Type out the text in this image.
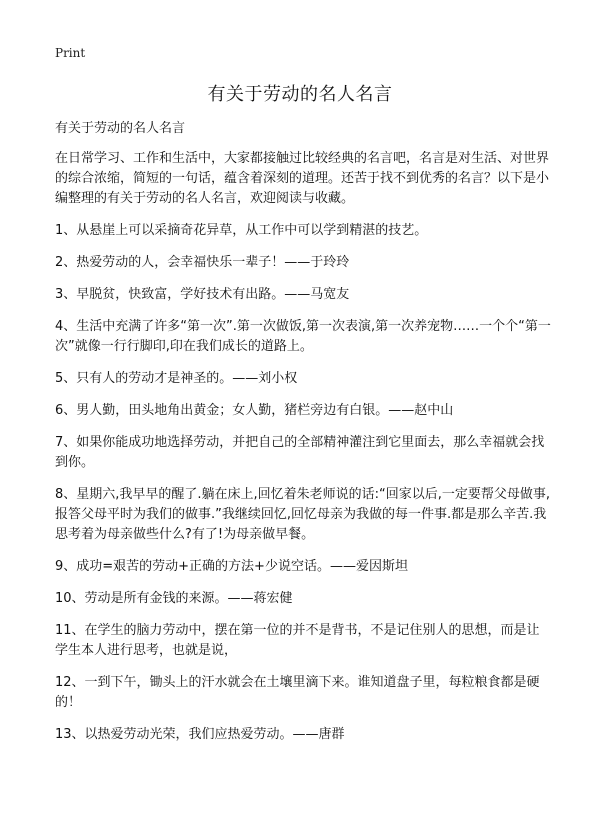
Print
有关于劳动的名人名言

有关于劳动的名人名言

在日常学习、工作和生活中，大家都接触过比较经典的名言吧，名言是对生活、对世界的综合浓缩，简短的一句话，蕴含着深刻的道理。还苦于找不到优秀的名言？以下是小编整理的有关于劳动的名人名言，欢迎阅读与收藏。

1、从悬崖上可以采摘奇花异草，从工作中可以学到精湛的技艺。
2、热爱劳动的人，会幸福快乐一辈子！——于玲玲
3、早脱贫，快致富，学好技术有出路。——马宽友
4、生活中充满了许多“第一次”.第一次做饭,第一次表演,第一次养宠物……一个个“第一次”就像一行行脚印,印在我们成长的道路上。
5、只有人的劳动才是神圣的。——刘小权
6、男人勤，田头地角出黄金；女人勤，猪栏旁边有白银。——赵中山
7、如果你能成功地选择劳动，并把自己的全部精神灌注到它里面去，那么幸福就会找到你。
8、星期六,我早早的醒了.躺在床上,回忆着朱老师说的话:“回家以后,一定要帮父母做事,报答父母平时为我们的做事.”我继续回忆,回忆母亲为我做的每一件事.都是那么辛苦.我思考着为母亲做些什么?有了!为母亲做早餐。
9、成功=艰苦的劳动+正确的方法+少说空话。——爱因斯坦
10、劳动是所有金钱的来源。——蒋宏健
11、在学生的脑力劳动中，摆在第一位的并不是背书，不是记住别人的思想，而是让学生本人进行思考，也就是说，
12、一到下午，锄头上的汗水就会在土壤里滴下来。谁知道盘子里，每粒粮食都是硬的！
13、以热爱劳动光荣，我们应热爱劳动。——唐群
